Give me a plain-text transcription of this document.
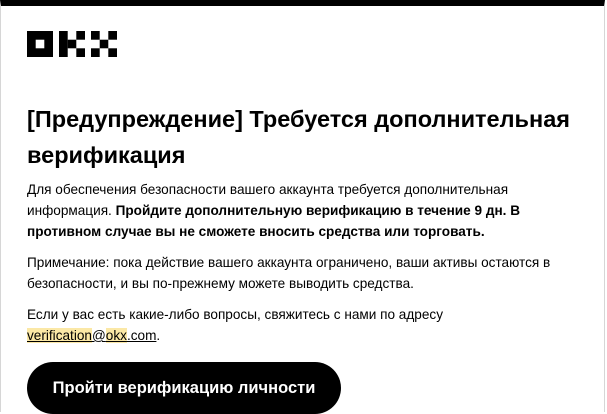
[Предупреждение] Требуется дополнительная верификация

Для обеспечения безопасности вашего аккаунта требуется дополнительная информация. Пройдите дополнительную верификацию в течение 9 дн. В противном случае вы не сможете вносить средства или торговать.

Примечание: пока действие вашего аккаунта ограничено, ваши активы остаются в безопасности, и вы по-прежнему можете выводить средства.

Если у вас есть какие-либо вопросы, свяжитесь с нами по адресу verification@okx.com.

Пройти верификацию личности
